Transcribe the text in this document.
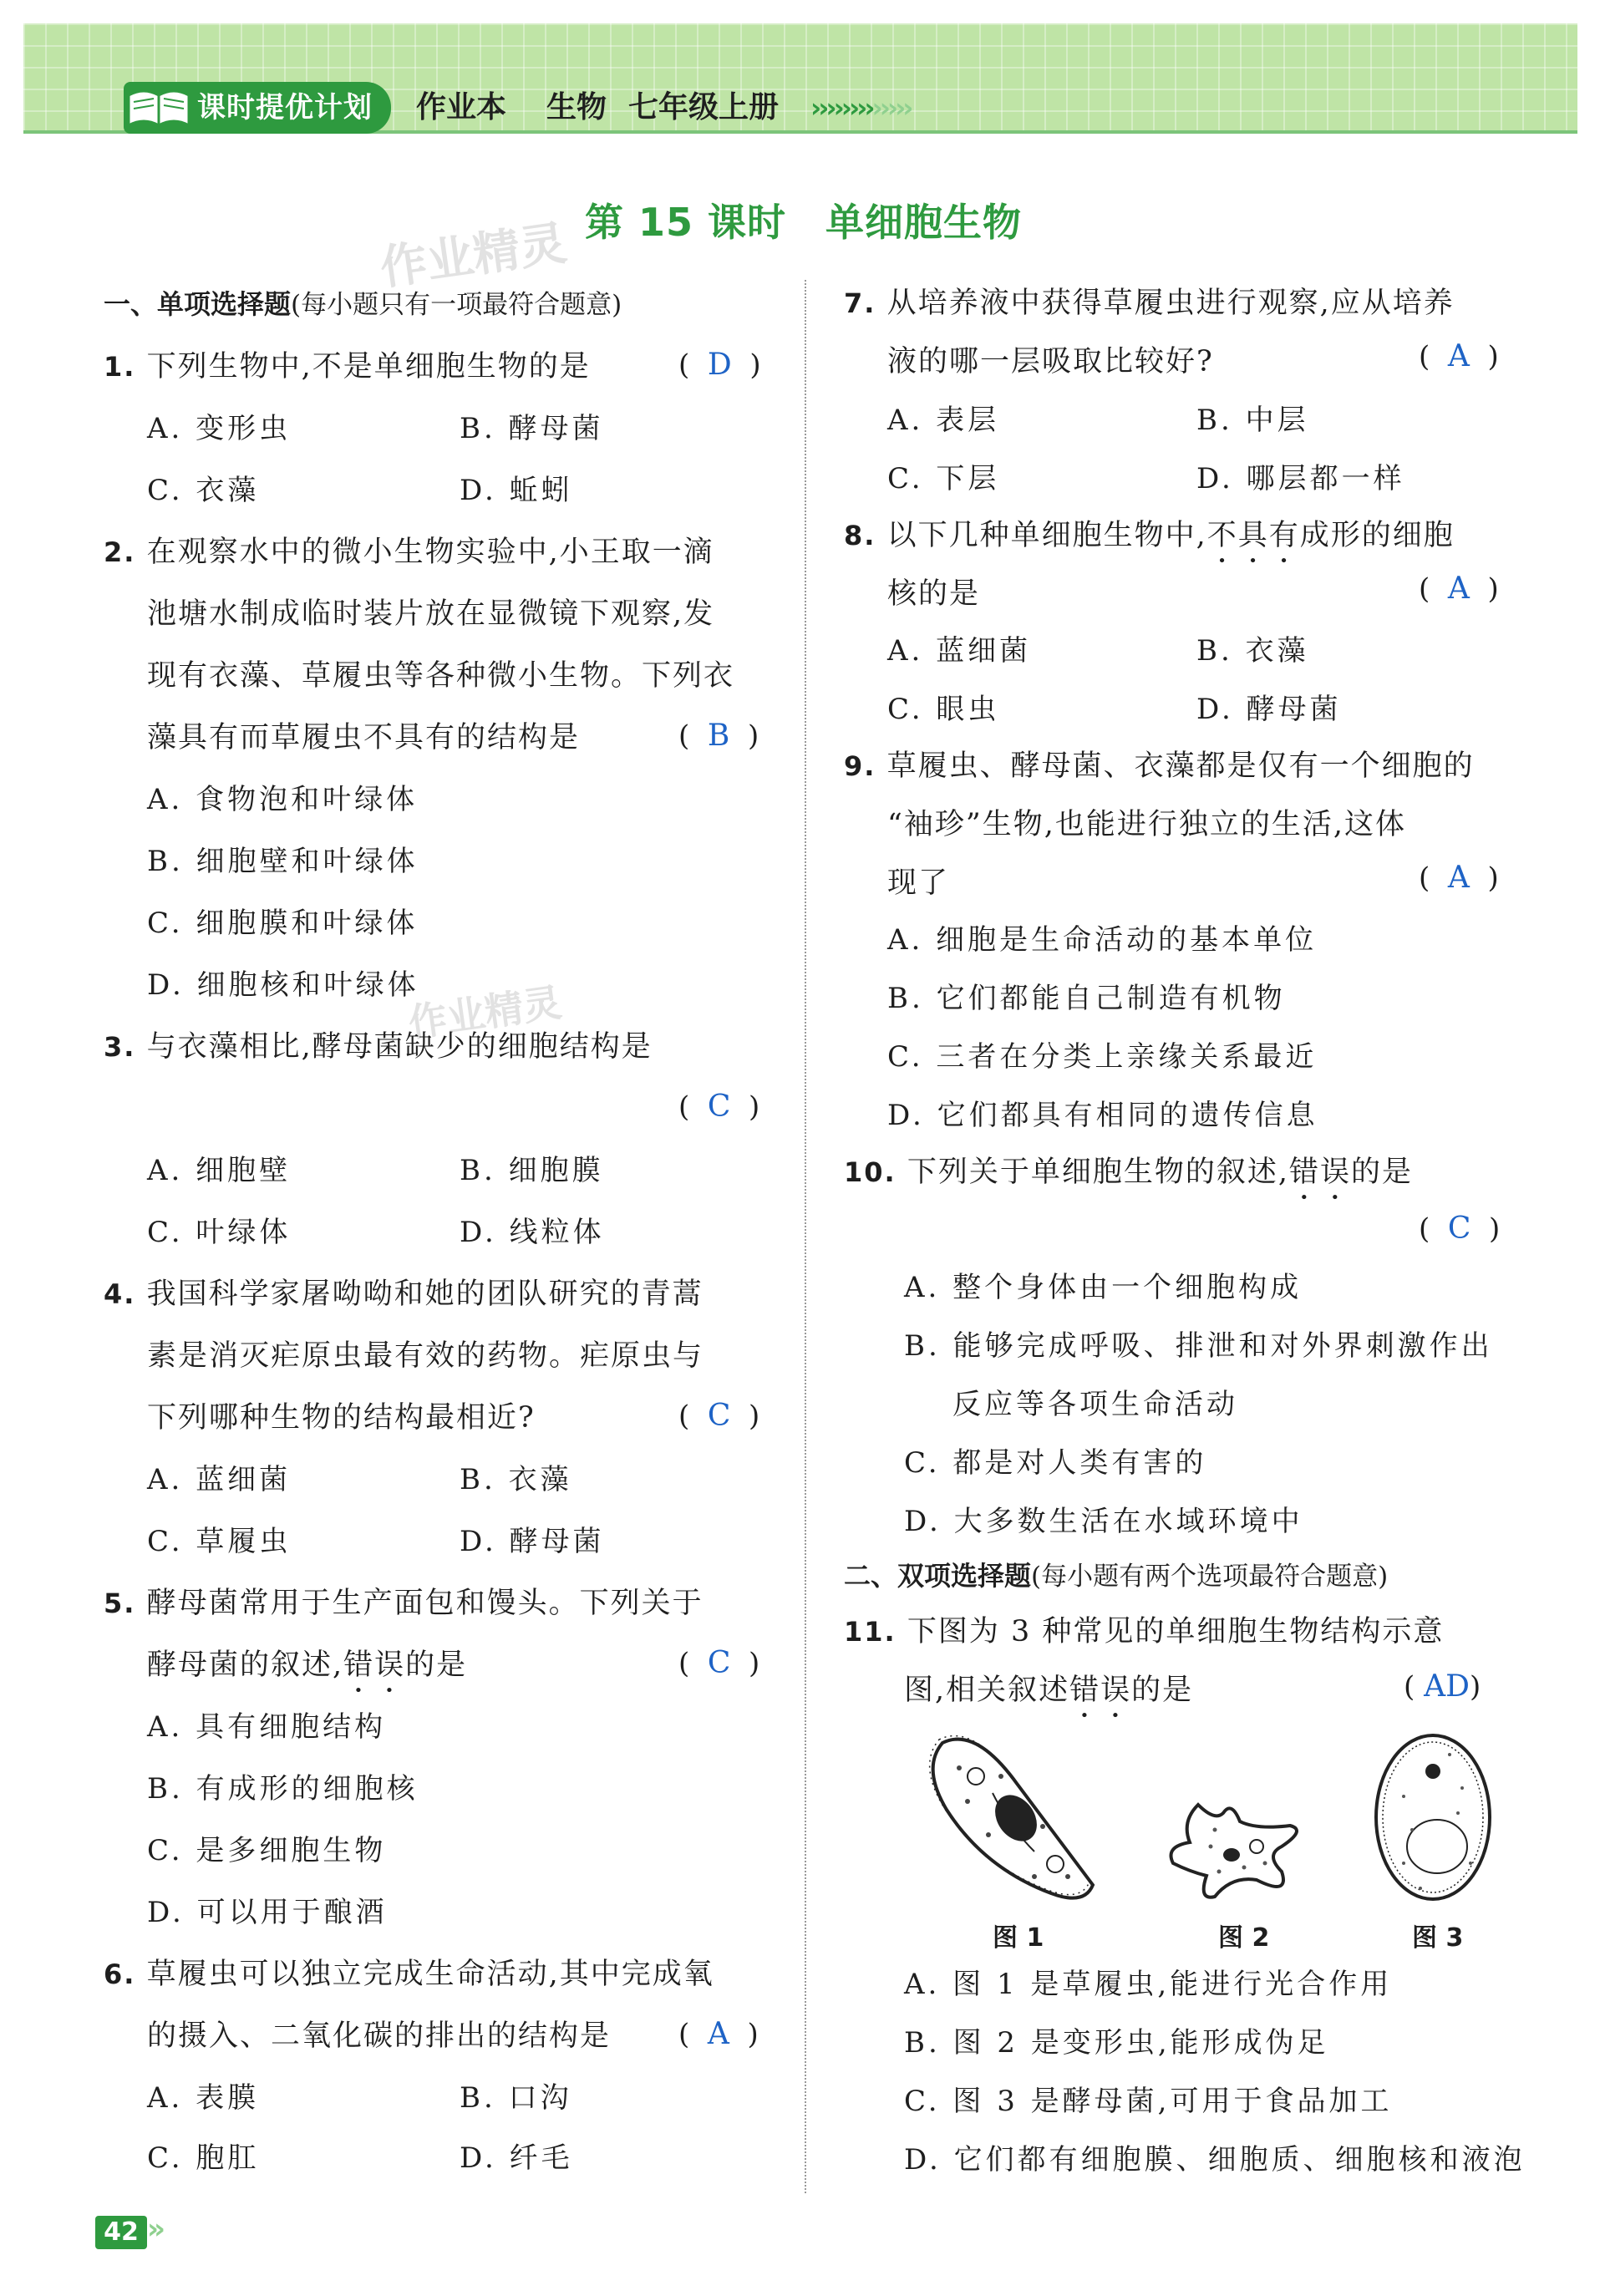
课时提优计划	作业本 生物 七年级上册 ›››››››››››››
第 15 课时　单细胞生物
作业精灵
作业精灵
一、单项选择题(每小题只有一项最符合题意)
1. 下列生物中,不是单细胞生物的是	(  D  )
A. 变形虫	B. 酵母菌
C. 衣藻	D. 蚯蚓
2. 在观察水中的微小生物实验中,小王取一滴
池塘水制成临时装片放在显微镜下观察,发
现有衣藻、草履虫等各种微小生物。下列衣
藻具有而草履虫不具有的结构是	(  B  )
A. 食物泡和叶绿体
B. 细胞壁和叶绿体
C. 细胞膜和叶绿体
D. 细胞核和叶绿体
3. 与衣藻相比,酵母菌缺少的细胞结构是
(  C  )
A. 细胞壁	B. 细胞膜
C. 叶绿体	D. 线粒体
4. 我国科学家屠呦呦和她的团队研究的青蒿
素是消灭疟原虫最有效的药物。疟原虫与
下列哪种生物的结构最相近?	(  C  )
A. 蓝细菌	B. 衣藻
C. 草履虫	D. 酵母菌
5. 酵母菌常用于生产面包和馒头。下列关于
酵母菌的叙述,错误的是	(  C  )
A. 具有细胞结构
B. 有成形的细胞核
C. 是多细胞生物
D. 可以用于酿酒
6. 草履虫可以独立完成生命活动,其中完成氧
的摄入、二氧化碳的排出的结构是 (  A  )
A. 表膜	B. 口沟
C. 胞肛	D. 纤毛
7. 从培养液中获得草履虫进行观察,应从培养
液的哪一层吸取比较好?	(  A  )
A. 表层	B. 中层
C. 下层	D. 哪层都一样
8. 以下几种单细胞生物中,不具有成形的细胞
核的是	(  A  )
A. 蓝细菌	B. 衣藻
C. 眼虫	D. 酵母菌
9. 草履虫、酵母菌、衣藻都是仅有一个细胞的
“袖珍”生物,也能进行独立的生活,这体
现了	(  A  )
A. 细胞是生命活动的基本单位
B. 它们都能自己制造有机物
C. 三者在分类上亲缘关系最近
D. 它们都具有相同的遗传信息
10. 下列关于单细胞生物的叙述,错误的是
(  C  )
A. 整个身体由一个细胞构成
B. 能够完成呼吸、排泄和对外界刺激作出
反应等各项生命活动
C. 都是对人类有害的
D. 大多数生活在水域环境中
二、双项选择题(每小题有两个选项最符合题意)
11. 下图为 3 种常见的单细胞生物结构示意
图,相关叙述错误的是	( AD)
图 1	图 2	图 3
A. 图 1 是草履虫,能进行光合作用
B. 图 2 是变形虫,能形成伪足
C. 图 3 是酵母菌,可用于食品加工
D. 它们都有细胞膜、细胞质、细胞核和液泡
42 ››
